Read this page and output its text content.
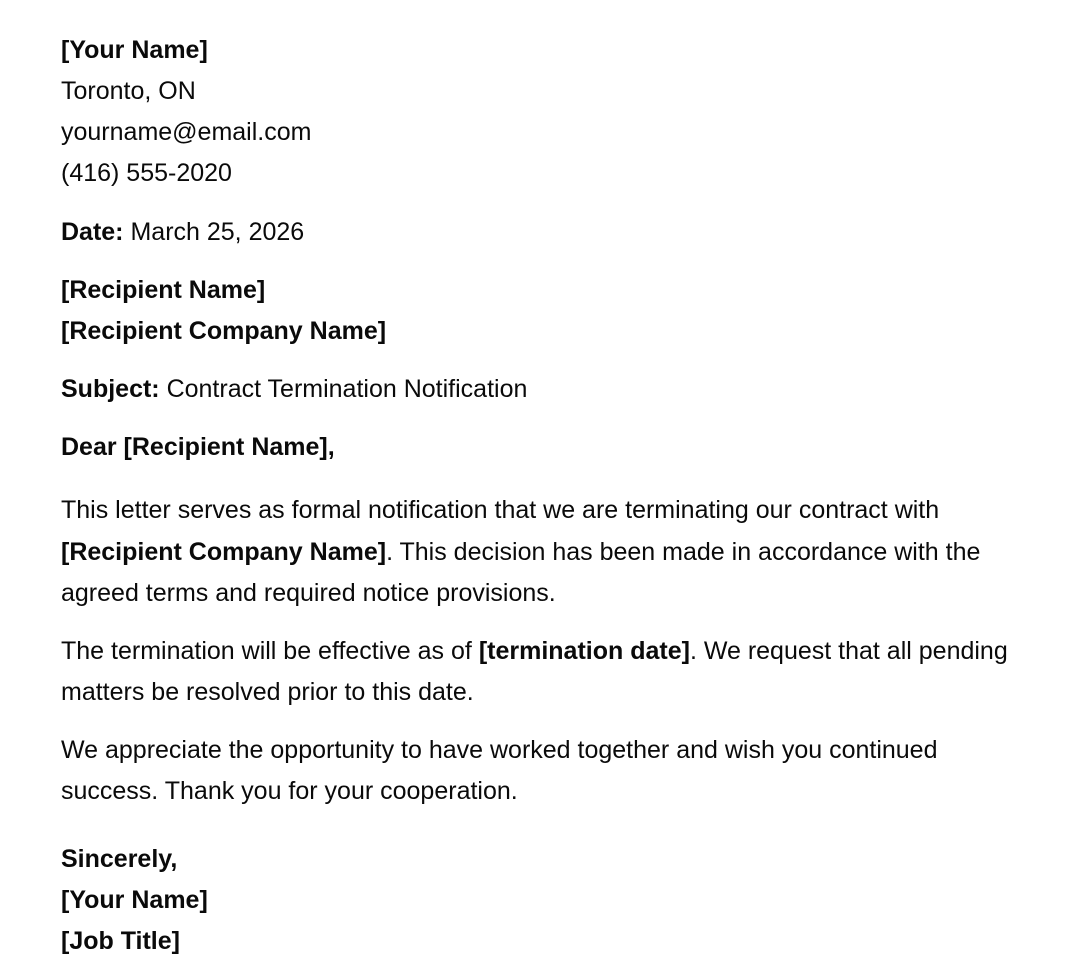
[Your Name]
Toronto, ON
yourname@email.com
(416) 555-2020
Date: March 25, 2026
[Recipient Name]
[Recipient Company Name]
Subject: Contract Termination Notification
Dear [Recipient Name],

This letter serves as formal notification that we are terminating our contract with [Recipient Company Name]. This decision has been made in accordance with the agreed terms and required notice provisions.

The termination will be effective as of [termination date]. We request that all pending matters be resolved prior to this date.

We appreciate the opportunity to have worked together and wish you continued success. Thank you for your cooperation.

Sincerely,
[Your Name]
[Job Title]
